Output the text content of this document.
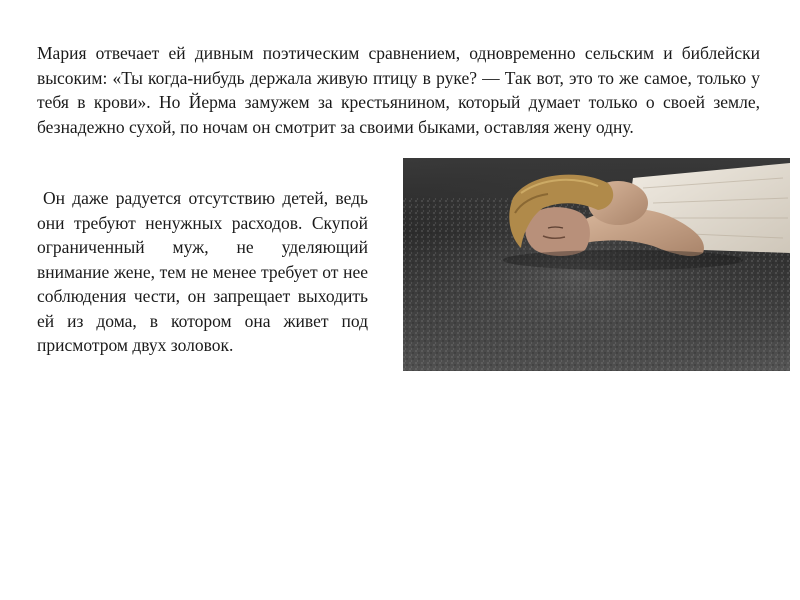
Мария отвечает ей дивным поэтическим сравнением, одновременно сельским и библейски высоким: «Ты когда-нибудь держала живую птицу в руке? — Так вот, это то же самое, только у тебя в крови». Но Йерма замужем за крестьянином, который думает только о своей земле, безнадежно сухой, по ночам он смотрит за своими быками, оставляя жену одну.

Он даже радуется отсутствию детей, ведь они требуют ненужных расходов. Скупой ограниченный муж, не уделяющий внимание жене, тем не менее требует от нее соблюдения чести, он запрещает выходить ей из дома, в котором она живет под присмотром двух золовок.
